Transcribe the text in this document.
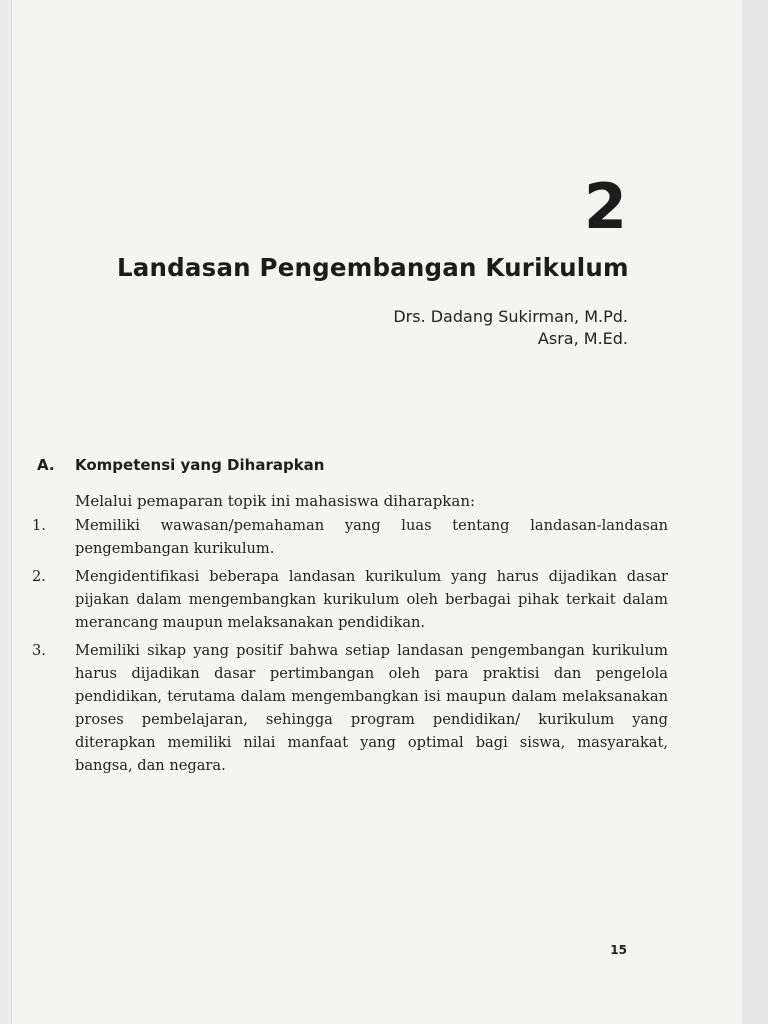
2
Landasan Pengembangan Kurikulum
Drs. Dadang Sukirman, M.Pd.
Asra, M.Ed.
A. Kompetensi yang Diharapkan
Melalui pemaparan topik ini mahasiswa diharapkan:
1.	Memiliki wawasan/pemahaman yang luas tentang landasan-landasan pengembangan kurikulum.
2.	Mengidentifikasi beberapa landasan kurikulum yang harus dijadikan dasar pijakan dalam mengembangkan kurikulum oleh berbagai pihak terkait dalam merancang maupun melaksanakan pendidikan.
3.	Memiliki sikap yang positif bahwa setiap landasan pengembangan kurikulum harus dijadikan dasar pertimbangan oleh para praktisi dan pengelola pendidikan, terutama dalam mengembangkan isi maupun dalam melaksanakan proses pembelajaran, sehingga program pendidikan/ kurikulum yang diterapkan memiliki nilai manfaat yang optimal bagi siswa, masyarakat, bangsa, dan negara.
15
